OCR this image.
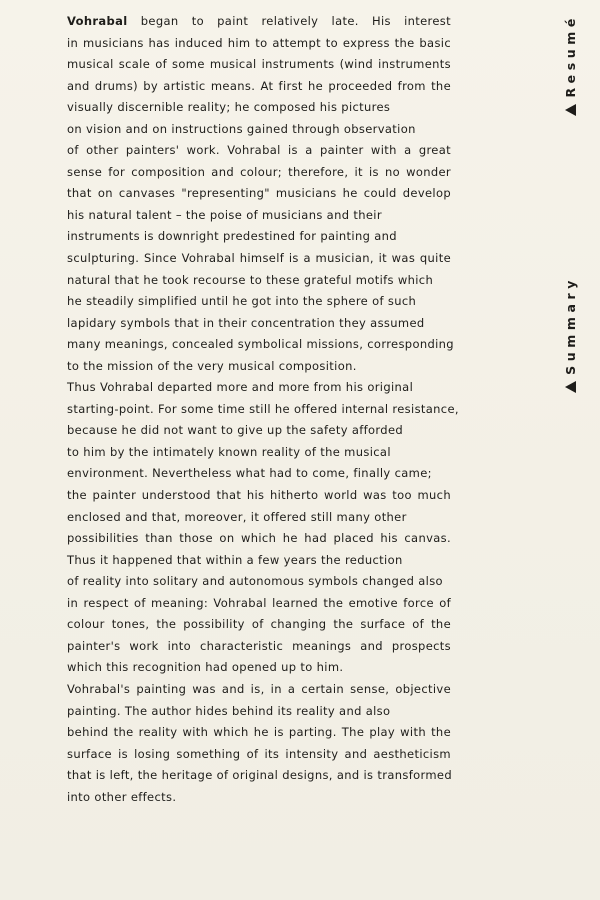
Vohrabal began to paint relatively late. His interest
in musicians has induced him to attempt to express the basic
musical scale of some musical instruments (wind instruments
and drums) by artistic means. At first he proceeded from the
visually discernible reality; he composed his pictures
on vision and on instructions gained through observation
of other painters' work. Vohrabal is a painter with a great
sense for composition and colour; therefore, it is no wonder
that on canvases "representing" musicians he could develop
his natural talent – the poise of musicians and their
instruments is downright predestined for painting and
sculpturing. Since Vohrabal himself is a musician, it was quite
natural that he took recourse to these grateful motifs which
he steadily simplified until he got into the sphere of such
lapidary symbols that in their concentration they assumed
many meanings, concealed symbolical missions, corresponding
to the mission of the very musical composition.
Thus Vohrabal departed more and more from his original
starting-point. For some time still he offered internal resistance,
because he did not want to give up the safety afforded
to him by the intimately known reality of the musical
environment. Nevertheless what had to come, finally came;
the painter understood that his hitherto world was too much
enclosed and that, moreover, it offered still many other
possibilities than those on which he had placed his canvas.
Thus it happened that within a few years the reduction
of reality into solitary and autonomous symbols changed also
in respect of meaning: Vohrabal learned the emotive force of
colour tones, the possibility of changing the surface of the
painter's work into characteristic meanings and prospects
which this recognition had opened up to him.
Vohrabal's painting was and is, in a certain sense, objective
painting. The author hides behind its reality and also
behind the reality with which he is parting. The play with the
surface is losing something of its intensity and aestheticism
that is left, the heritage of original designs, and is transformed
into other effects.
Resumé
Summary
